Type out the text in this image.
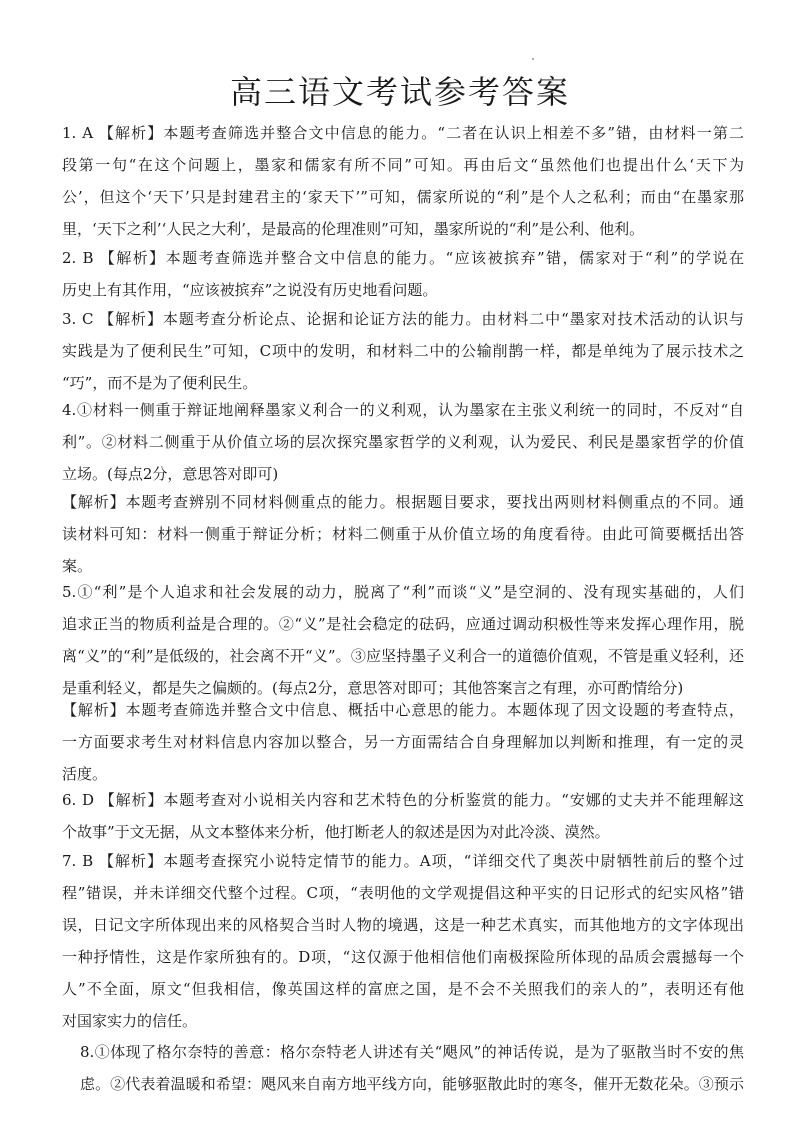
高三语文考试参考答案
1. A 【解析】本题考查筛选并整合文中信息的能力。“二者在认识上相差不多”错，由材料一第二
段第一句“在这个问题上，墨家和儒家有所不同”可知。再由后文“虽然他们也提出什么‘天下为
公’，但这个‘天下’只是封建君主的‘家天下’”可知，儒家所说的“利”是个人之私利；而由“在墨家那
里，‘天下之利’‘人民之大利’，是最高的伦理准则”可知，墨家所说的“利”是公利、他利。
2. B 【解析】本题考查筛选并整合文中信息的能力。“应该被摈弃”错，儒家对于“利”的学说在
历史上有其作用，“应该被摈弃”之说没有历史地看问题。
3. C 【解析】本题考查分析论点、论据和论证方法的能力。由材料二中“墨家对技术活动的认识与
实践是为了便利民生”可知，C项中的发明，和材料二中的公输削鹊一样，都是单纯为了展示技术之
“巧”，而不是为了便利民生。
4.①材料一侧重于辩证地阐释墨家义利合一的义利观，认为墨家在主张义利统一的同时，不反对“自
利”。②材料二侧重于从价值立场的层次探究墨家哲学的义利观，认为爱民、利民是墨家哲学的价值
立场。(每点2分，意思答对即可)
【解析】本题考查辨别不同材料侧重点的能力。根据题目要求，要找出两则材料侧重点的不同。通
读材料可知：材料一侧重于辩证分析；材料二侧重于从价值立场的角度看待。由此可简要概括出答
案。
5.①“利”是个人追求和社会发展的动力，脱离了“利”而谈“义”是空洞的、没有现实基础的，人们
追求正当的物质利益是合理的。②“义”是社会稳定的砝码，应通过调动积极性等来发挥心理作用，脱
离“义”的“利”是低级的，社会离不开“义”。③应坚持墨子义利合一的道德价值观，不管是重义轻利，还
是重利轻义，都是失之偏颇的。(每点2分，意思答对即可；其他答案言之有理，亦可酌情给分)
【解析】本题考查筛选并整合文中信息、概括中心意思的能力。本题体现了因文设题的考查特点，
一方面要求考生对材料信息内容加以整合，另一方面需结合自身理解加以判断和推理，有一定的灵
活度。
6. D 【解析】本题考查对小说相关内容和艺术特色的分析鉴赏的能力。“安娜的丈夫并不能理解这
个故事”于文无据，从文本整体来分析，他打断老人的叙述是因为对此冷淡、漠然。
7. B 【解析】本题考查探究小说特定情节的能力。A项，“详细交代了奥茨中尉牺牲前后的整个过
程”错误，并未详细交代整个过程。C项，“表明他的文学观提倡这种平实的日记形式的纪实风格”错
误，日记文字所体现出来的风格契合当时人物的境遇，这是一种艺术真实，而其他地方的文字体现出
一种抒情性，这是作家所独有的。D项，“这仅源于他相信他们南极探险所体现的品质会震撼每一个
人”不全面，原文“但我相信，像英国这样的富庶之国，是不会不关照我们的亲人的”，表明还有他
对国家实力的信任。
8.①体现了格尔奈特的善意：格尔奈特老人讲述有关“飓风”的神话传说，是为了驱散当时不安的焦
虑。②代表着温暖和希望：飓风来自南方地平线方向，能够驱散此时的寒冬，催开无数花朵。③预示
